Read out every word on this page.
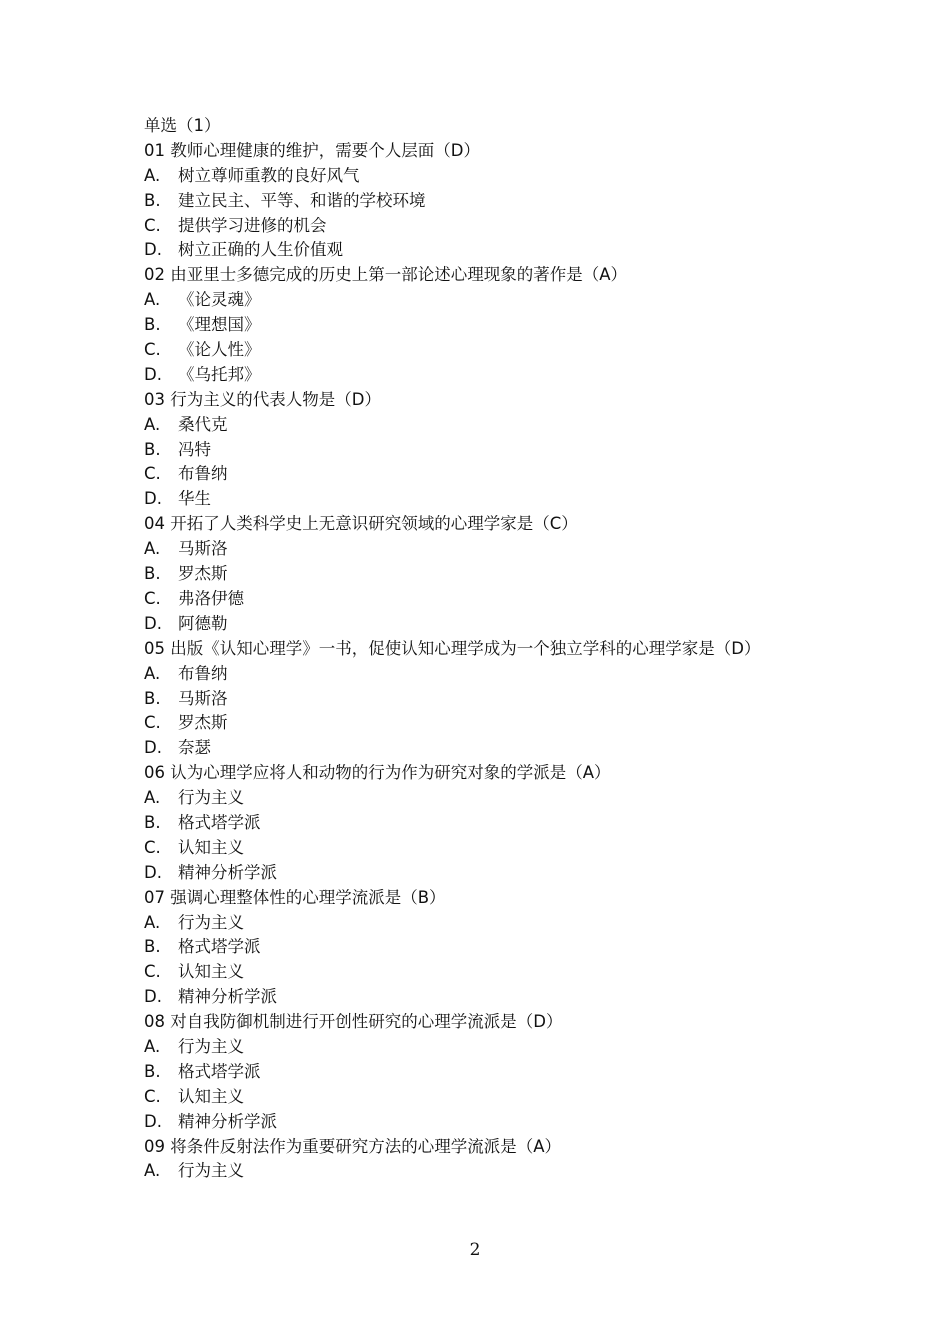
单选（1）
01 教师心理健康的维护，需要个人层面（D）
A.	树立尊师重教的良好风气
B.	建立民主、平等、和谐的学校环境
C.	提供学习进修的机会
D. 树立正确的人生价值观
02 由亚里士多德完成的历史上第一部论述心理现象的著作是（A）
A.	《论灵魂》
B.	《理想国》
C.	《论人性》
D. 《乌托邦》
03 行为主义的代表人物是（D）
A.	桑代克
B.	冯特
C.	布鲁纳
D. 华生
04 开拓了人类科学史上无意识研究领域的心理学家是（C）
A.	马斯洛
B.	罗杰斯
C.	弗洛伊德
D. 阿德勒
05 出版《认知心理学》一书，促使认知心理学成为一个独立学科的心理学家是（D）
A.	布鲁纳
B.	马斯洛
C.	罗杰斯
D. 奈瑟
06 认为心理学应将人和动物的行为作为研究对象的学派是（A）
A.	行为主义
B.	格式塔学派
C.	认知主义
D. 精神分析学派
07 强调心理整体性的心理学流派是（B）
A.	行为主义
B.	格式塔学派
C.	认知主义
D. 精神分析学派
08 对自我防御机制进行开创性研究的心理学流派是（D）
A.	行为主义
B.	格式塔学派
C.	认知主义
D. 精神分析学派
09 将条件反射法作为重要研究方法的心理学流派是（A）
A.	行为主义
2
